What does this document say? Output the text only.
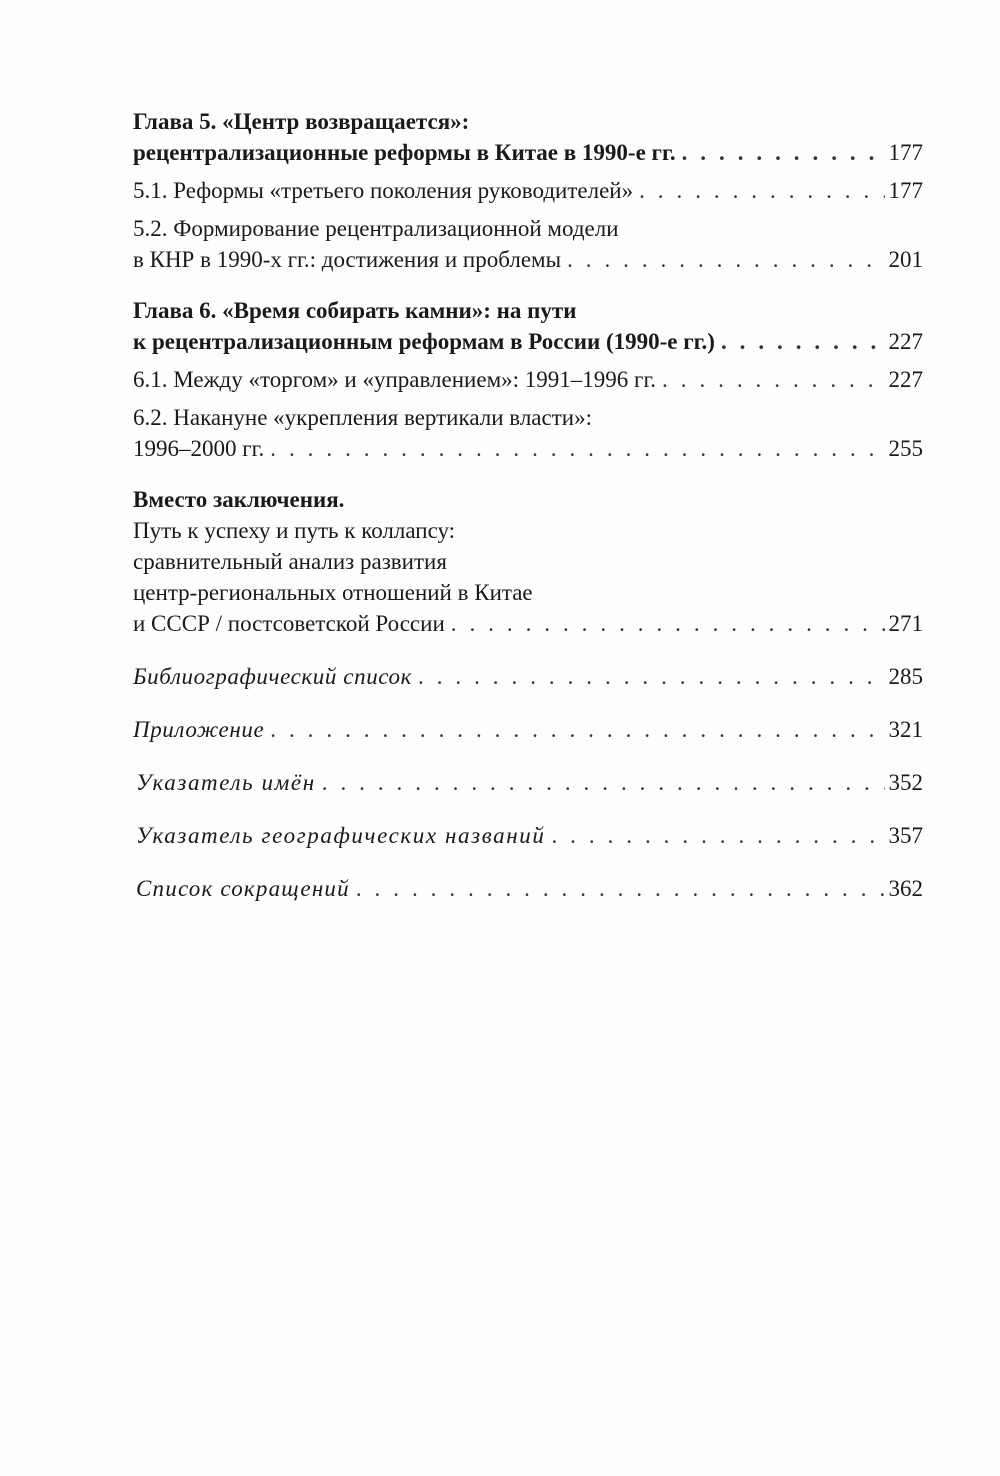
Глава 5. «Центр возвращается»:
рецентрализационные реформы в Китае в 1990-е гг. . . .	177
5.1. Реформы «третьего поколения руководителей» . . .	177
5.2. Формирование рецентрализационной модели
в КНР в 1990-х гг.: достижения и проблемы . . .	201
Глава 6. «Время собирать камни»: на пути
к рецентрализационным реформам в России (1990-е гг.) . . .	227
6.1. Между «торгом» и «управлением»: 1991–1996 гг. . . .	227
6.2. Накануне «укрепления вертикали власти»:
1996–2000 гг. . . .	255
Вместо заключения.
Путь к успеху и путь к коллапсу:
сравнительный анализ развития
центр-региональных отношений в Китае
и СССР / постсоветской России . . .	271
Библиографический список . . .	285
Приложение . . .	321
Указатель имён . . .	352
Указатель географических названий . . .	357
Список сокращений . . .	362
